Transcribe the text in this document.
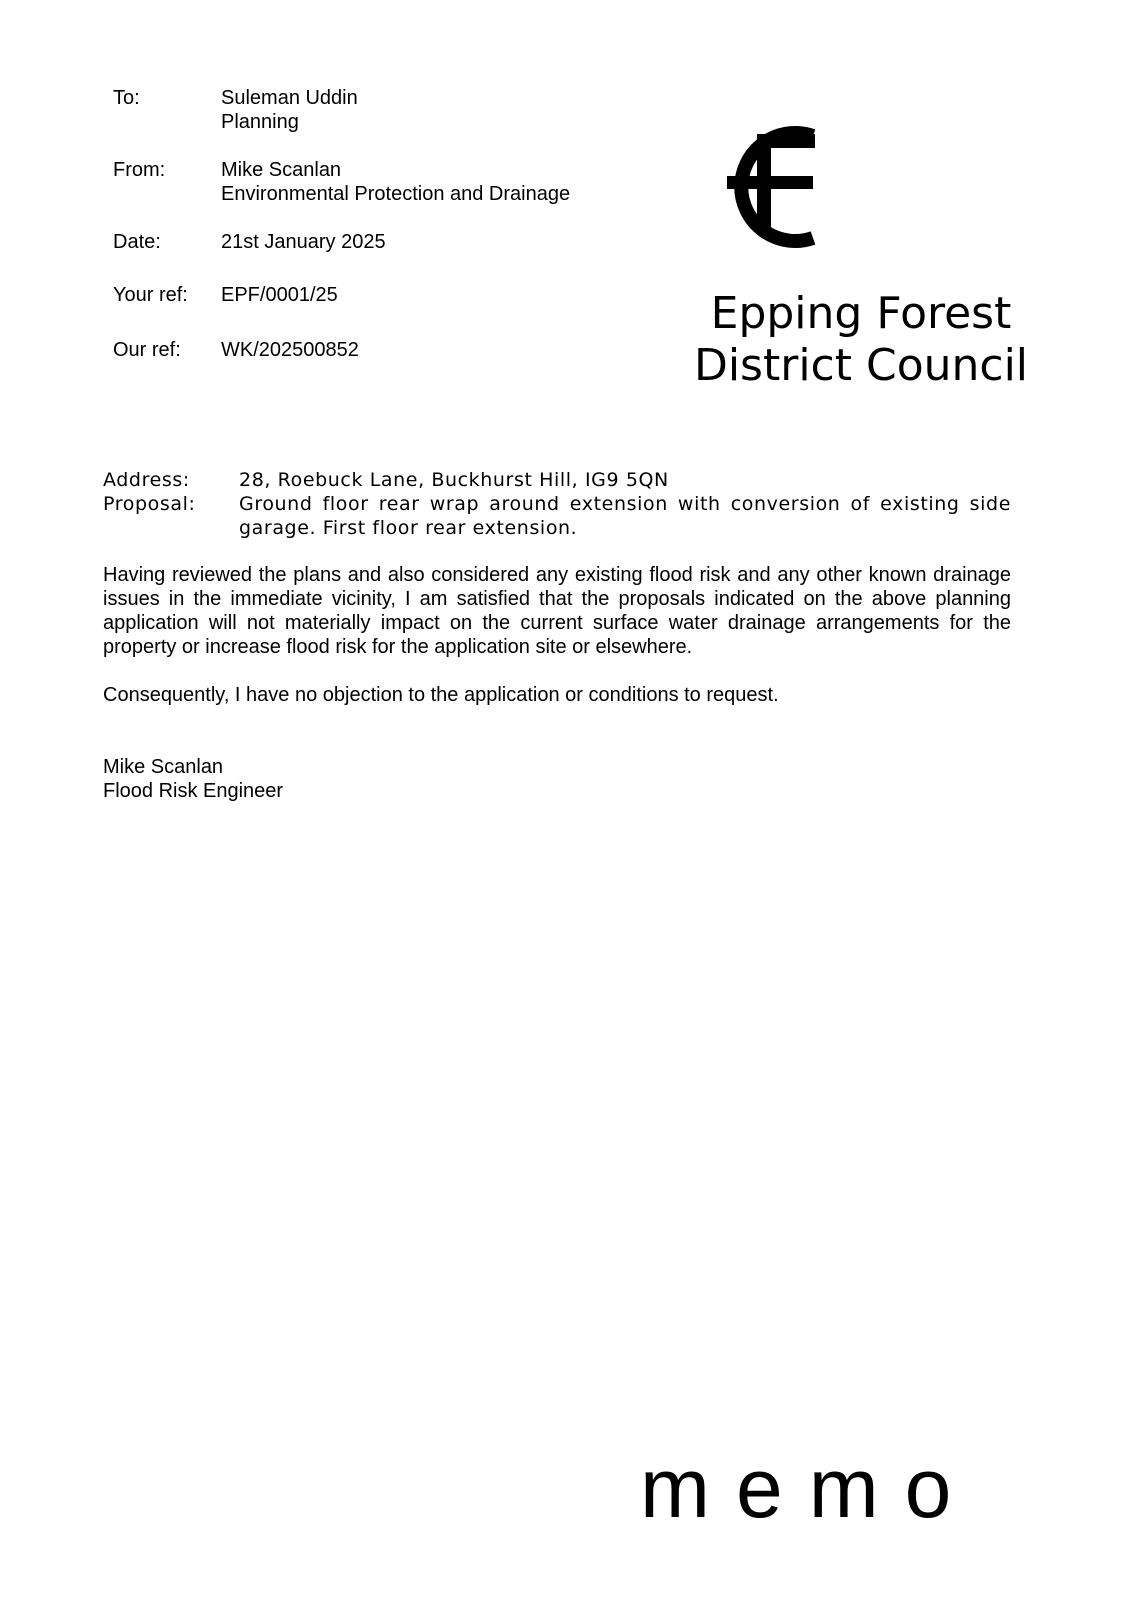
To:	Suleman Uddin
Planning
From:	Mike Scanlan
Environmental Protection and Drainage
Date:	21st January 2025
Your ref: EPF/0001/25
Our ref: WK/202500852
Epping Forest
District Council
Address:	28, Roebuck Lane, Buckhurst Hill, IG9 5QN
Proposal: Ground floor rear wrap around extension with conversion of existing side garage. First floor rear extension.
Having reviewed the plans and also considered any existing flood risk and any other known drainage issues in the immediate vicinity, I am satisfied that the proposals indicated on the above planning application will not materially impact on the current surface water drainage arrangements for the property or increase flood risk for the application site or elsewhere.
Consequently, I have no objection to the application or conditions to request.
Mike Scanlan
Flood Risk Engineer
memo
